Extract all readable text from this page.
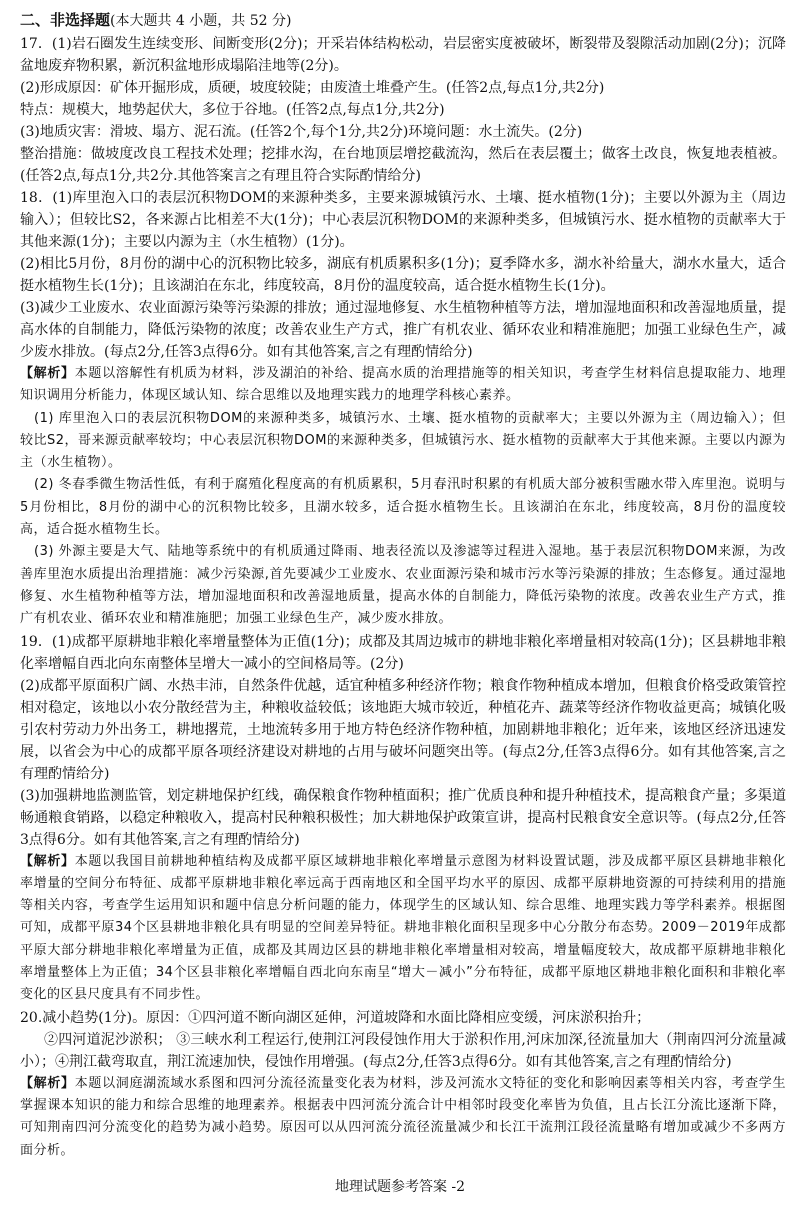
二、非选择题(本大题共 4 小题，共 52 分)

17．(1)岩石圈发生连续变形、间断变形(2分)；开采岩体结构松动，岩层密实度被破坏，断裂带及裂隙活动加剧(2分)；沉降盆地废弃物积累，新沉积盆地形成塌陷洼地等(2分)。

(2)形成原因：矿体开掘形成，质硬，坡度较陡；由废渣土堆叠产生。(任答2点,每点1分,共2分)

特点：规模大，地势起伏大，多位于谷地。(任答2点,每点1分,共2分)

(3)地质灾害：滑坡、塌方、泥石流。(任答2个,每个1分,共2分)环境问题：水土流失。(2分)

整治措施：做坡度改良工程技术处理；挖排水沟，在台地顶层增挖截流沟，然后在表层覆土；做客土改良，恢复地表植被。(任答2点,每点1分,共2分.其他答案言之有理且符合实际酌情给分)

18．(1)库里泡入口的表层沉积物DOM的来源种类多，主要来源城镇污水、土壤、挺水植物(1分)；主要以外源为主（周边输入）；但较比S2，各来源占比相差不大(1分)；中心表层沉积物DOM的来源种类多，但城镇污水、挺水植物的贡献率大于其他来源(1分)；主要以内源为主（水生植物）(1分)。

(2)相比5月份，8月份的湖中心的沉积物比较多，湖底有机质累积多(1分)；夏季降水多，湖水补给量大，湖水水量大，适合挺水植物生长(1分)；且该湖泊在东北，纬度较高，8月份的温度较高，适合挺水植物生长(1分)。

(3)减少工业废水、农业面源污染等污染源的排放；通过湿地修复、水生植物种植等方法，增加湿地面积和改善湿地质量，提高水体的自制能力，降低污染物的浓度；改善农业生产方式，推广有机农业、循环农业和精准施肥；加强工业绿色生产，减少废水排放。(每点2分,任答3点得6分。如有其他答案,言之有理酌情给分)

【解析】本题以溶解性有机质为材料，涉及湖泊的补给、提高水质的治理措施等的相关知识，考查学生材料信息提取能力、地理知识调用分析能力，体现区域认知、综合思维以及地理实践力的地理学科核心素养。

(1) 库里泡入口的表层沉积物DOM的来源种类多，城镇污水、土壤、挺水植物的贡献率大；主要以外源为主（周边输入）；但较比S2，哥来源贡献率较均；中心表层沉积物DOM的来源种类多，但城镇污水、挺水植物的贡献率大于其他来源。主要以内源为主（水生植物）。

(2) 冬春季微生物活性低，有利于腐殖化程度高的有机质累积，5月春汛时积累的有机质大部分被积雪融水带入库里泡。说明与5月份相比，8月份的湖中心的沉积物比较多，且湖水较多，适合挺水植物生长。且该湖泊在东北，纬度较高，8月份的温度较高，适合挺水植物生长。

(3) 外源主要是大气、陆地等系统中的有机质通过降雨、地表径流以及渗滤等过程进入湿地。基于表层沉积物DOM来源，为改善库里泡水质提出治理措施：减少污染源,首先要减少工业废水、农业面源污染和城市污水等污染源的排放；生态修复。通过湿地修复、水生植物种植等方法，增加湿地面积和改善湿地质量，提高水体的自制能力，降低污染物的浓度。改善农业生产方式，推广有机农业、循环农业和精准施肥；加强工业绿色生产，减少废水排放。

19．(1)成都平原耕地非粮化率增量整体为正值(1分)；成都及其周边城市的耕地非粮化率增量相对较高(1分)；区县耕地非粮化率增幅自西北向东南整体呈增大一减小的空间格局等。(2分)

(2)成都平原面积广阔、水热丰沛，自然条件优越，适宜种植多种经济作物；粮食作物种植成本增加，但粮食价格受政策管控相对稳定，该地以小农分散经营为主，种粮收益较低；该地距大城市较近，种植花卉、蔬菜等经济作物收益更高；城镇化吸引农村劳动力外出务工，耕地撂荒，土地流转多用于地方特色经济作物种植，加剧耕地非粮化；近年来，该地区经济迅速发展，以省会为中心的成都平原各项经济建设对耕地的占用与破坏问题突出等。(每点2分,任答3点得6分。如有其他答案,言之有理酌情给分)

(3)加强耕地监测监管，划定耕地保护红线，确保粮食作物种植面积；推广优质良种和提升种植技术，提高粮食产量；多渠道畅通粮食销路，以稳定种粮收入，提高村民种粮积极性；加大耕地保护政策宣讲，提高村民粮食安全意识等。(每点2分,任答3点得6分。如有其他答案,言之有理酌情给分)

【解析】本题以我国目前耕地种植结构及成都平原区域耕地非粮化率增量示意图为材料设置试题，涉及成都平原区县耕地非粮化率增量的空间分布特征、成都平原耕地非粮化率远高于西南地区和全国平均水平的原因、成都平原耕地资源的可持续利用的措施等相关内容，考查学生运用知识和题中信息分析问题的能力，体现学生的区域认知、综合思维、地理实践力等学科素养。根据图可知，成都平原34个区县耕地非粮化具有明显的空间差异特征。耕地非粮化面积呈现多中心分散分布态势。2009－2019年成都平原大部分耕地非粮化率增量为正值，成都及其周边区县的耕地非粮化率增量相对较高，增量幅度较大，故成都平原耕地非粮化率增量整体上为正值；34个区县非粮化率增幅自西北向东南呈“增大－减小”分布特征，成都平原地区耕地非粮化面积和非粮化率变化的区县尺度具有不同步性。

20.减小趋势(1分)。原因：①四河道不断向湖区延伸，河道坡降和水面比降相应变缓，河床淤积抬升；

②四河道泥沙淤积； ③三峡水利工程运行,使荆江河段侵蚀作用大于淤积作用,河床加深,径流量加大（荆南四河分流量减小）；④荆江截弯取直，荆江流速加快，侵蚀作用增强。(每点2分,任答3点得6分。如有其他答案,言之有理酌情给分)

【解析】本题以洞庭湖流域水系图和四河分流径流量变化表为材料，涉及河流水文特征的变化和影响因素等相关内容，考查学生掌握课本知识的能力和综合思维的地理素养。根据表中四河流分流合计中相邻时段变化率皆为负值，且占长江分流比逐渐下降，可知荆南四河分流变化的趋势为减小趋势。原因可以从四河流分流径流量减少和长江干流荆江段径流量略有增加或减少不多两方面分析。

地理试题参考答案 -2
